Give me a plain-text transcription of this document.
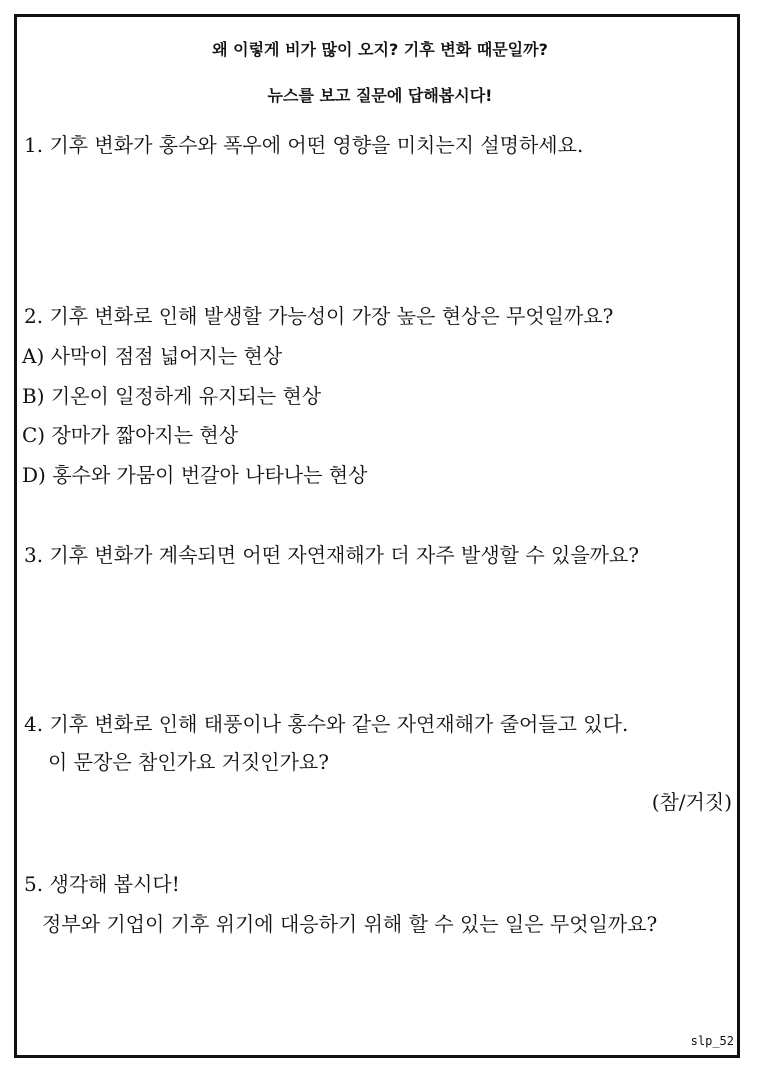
왜 이렇게 비가 많이 오지? 기후 변화 때문일까?
뉴스를 보고 질문에 답해봅시다!
1. 기후 변화가 홍수와 폭우에 어떤 영향을 미치는지 설명하세요.
2. 기후 변화로 인해 발생할 가능성이 가장 높은 현상은 무엇일까요?
A) 사막이 점점 넓어지는 현상
B) 기온이 일정하게 유지되는 현상
C) 장마가 짧아지는 현상
D) 홍수와 가뭄이 번갈아 나타나는 현상
3. 기후 변화가 계속되면 어떤 자연재해가 더 자주 발생할 수 있을까요?
4. 기후 변화로 인해 태풍이나 홍수와 같은 자연재해가 줄어들고 있다.
이 문장은 참인가요 거짓인가요?
(참/거짓)
5. 생각해 봅시다!
정부와 기업이 기후 위기에 대응하기 위해 할 수 있는 일은 무엇일까요?
slp_52
